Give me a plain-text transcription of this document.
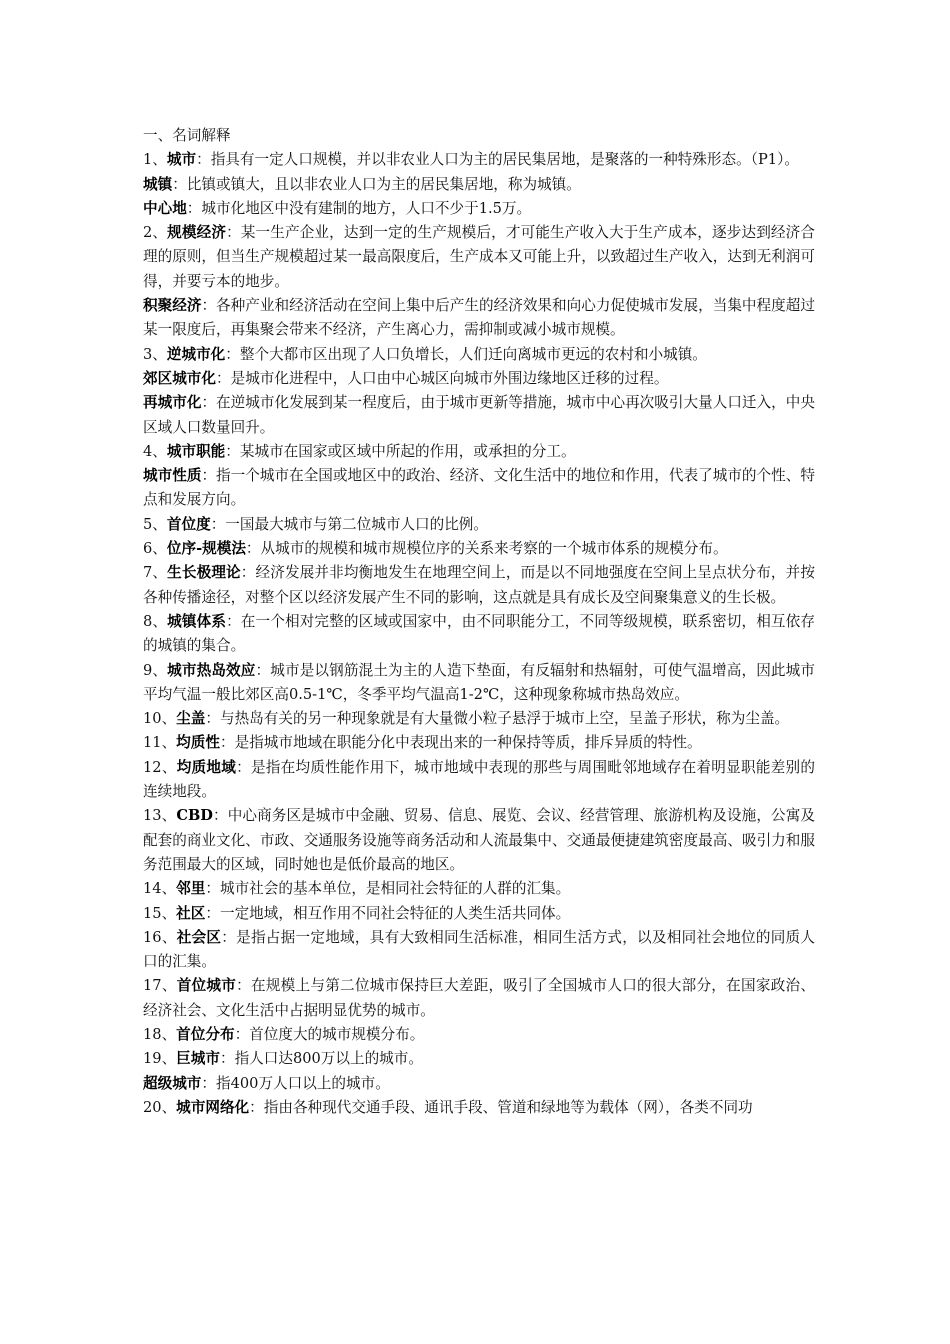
一、名词解释

1、城市：指具有一定人口规模，并以非农业人口为主的居民集居地，是聚落的一种特殊形态。（P1）。

城镇：比镇或镇大，且以非农业人口为主的居民集居地，称为城镇。

中心地：城市化地区中没有建制的地方，人口不少于1.5万。

2、规模经济：某一生产企业，达到一定的生产规模后，才可能生产收入大于生产成本，逐步达到经济合理的原则，但当生产规模超过某一最高限度后，生产成本又可能上升，以致超过生产收入，达到无利润可得，并要亏本的地步。

积聚经济：各种产业和经济活动在空间上集中后产生的经济效果和向心力促使城市发展，当集中程度超过某一限度后，再集聚会带来不经济，产生离心力，需抑制或减小城市规模。

3、逆城市化：整个大都市区出现了人口负增长，人们迁向离城市更远的农村和小城镇。

郊区城市化：是城市化进程中，人口由中心城区向城市外围边缘地区迁移的过程。

再城市化：在逆城市化发展到某一程度后，由于城市更新等措施，城市中心再次吸引大量人口迁入，中央区域人口数量回升。

4、城市职能：某城市在国家或区域中所起的作用，或承担的分工。

城市性质：指一个城市在全国或地区中的政治、经济、文化生活中的地位和作用，代表了城市的个性、特点和发展方向。

5、首位度：一国最大城市与第二位城市人口的比例。

6、位序-规模法：从城市的规模和城市规模位序的关系来考察的一个城市体系的规模分布。

7、生长极理论：经济发展并非均衡地发生在地理空间上，而是以不同地强度在空间上呈点状分布，并按各种传播途径，对整个区以经济发展产生不同的影响，这点就是具有成长及空间聚集意义的生长极。

8、城镇体系：在一个相对完整的区域或国家中，由不同职能分工，不同等级规模，联系密切，相互依存的城镇的集合。

9、城市热岛效应：城市是以钢筋混土为主的人造下垫面，有反辐射和热辐射，可使气温增高，因此城市平均气温一般比郊区高0.5-1℃，冬季平均气温高1-2℃，这种现象称城市热岛效应。

10、尘盖：与热岛有关的另一种现象就是有大量微小粒子悬浮于城市上空，呈盖子形状，称为尘盖。

11、均质性：是指城市地域在职能分化中表现出来的一种保持等质，排斥异质的特性。

12、均质地域：是指在均质性能作用下，城市地域中表现的那些与周围毗邻地域存在着明显职能差别的连续地段。

13、CBD：中心商务区是城市中金融、贸易、信息、展览、会议、经营管理、旅游机构及设施，公寓及配套的商业文化、市政、交通服务设施等商务活动和人流最集中、交通最便捷建筑密度最高、吸引力和服务范围最大的区域，同时她也是低价最高的地区。

14、邻里：城市社会的基本单位，是相同社会特征的人群的汇集。

15、社区：一定地域，相互作用不同社会特征的人类生活共同体。

16、社会区：是指占据一定地域，具有大致相同生活标准，相同生活方式，以及相同社会地位的同质人口的汇集。

17、首位城市：在规模上与第二位城市保持巨大差距，吸引了全国城市人口的很大部分，在国家政治、经济社会、文化生活中占据明显优势的城市。

18、首位分布：首位度大的城市规模分布。

19、巨城市：指人口达800万以上的城市。

超级城市：指400万人口以上的城市。

20、城市网络化：指由各种现代交通手段、通讯手段、管道和绿地等为载体（网），各类不同功
